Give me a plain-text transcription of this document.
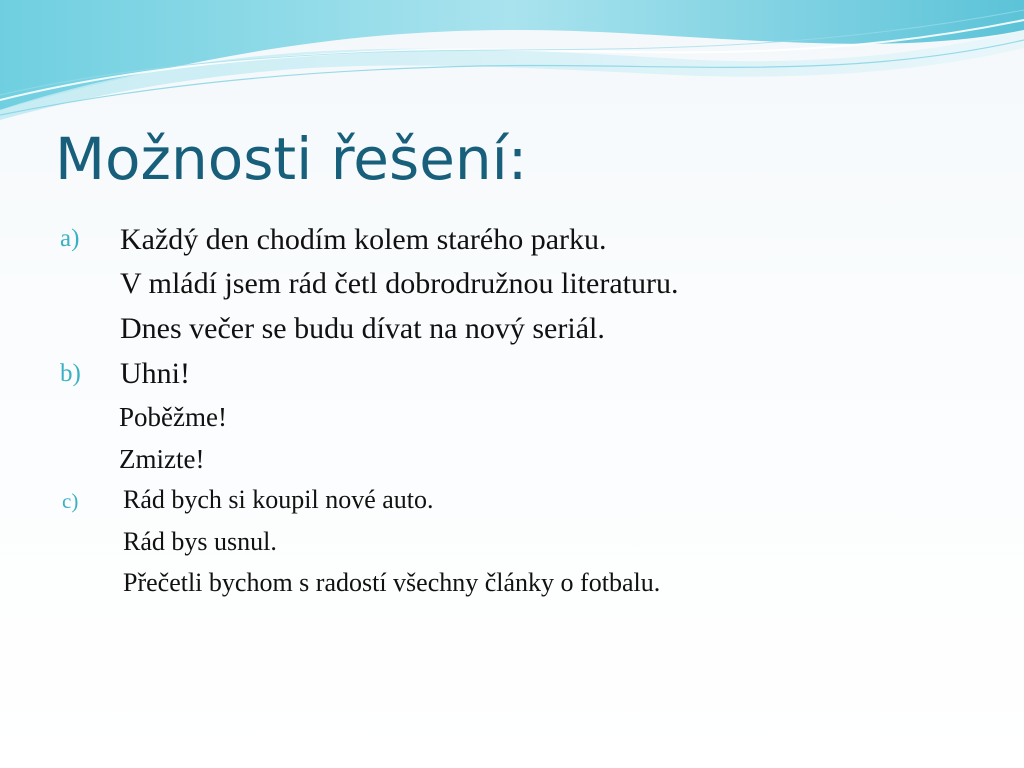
Možnosti řešení:
a) Každý den chodím kolem starého parku.
V mládí jsem rád četl dobrodružnou literaturu.
Dnes večer se budu dívat na nový seriál.
b) Uhni!
Poběžme!
Zmizte!
c) Rád bych si koupil nové auto.
Rád bys usnul.
Přečetli bychom s radostí všechny články o fotbalu.
